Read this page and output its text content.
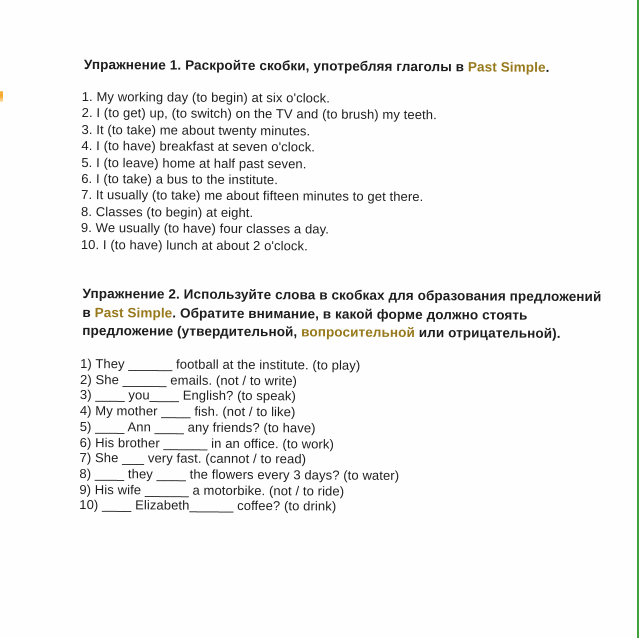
Упражнение 1. Раскройте скобки, употребляя глаголы в Past Simple.
1. My working day (to begin) at six o'clock.
2. I (to get) up, (to switch) on the TV and (to brush) my teeth.
3. It (to take) me about twenty minutes.
4. I (to have) breakfast at seven o'clock.
5. I (to leave) home at half past seven.
6. I (to take) a bus to the institute.
7. It usually (to take) me about fifteen minutes to get there.
8. Classes (to begin) at eight.
9. We usually (to have) four classes a day.
10. I (to have) lunch at about 2 o'clock.
Упражнение 2. Используйте слова в скобках для образования предложений
в Past Simple. Обратите внимание, в какой форме должно стоять
предложение (утвердительной, вопросительной или отрицательной).
1) They ______ football at the institute. (to play)
2) She ______ emails. (not / to write)
3) ____ you____ English? (to speak)
4) My mother ____ fish. (not / to like)
5) ____ Ann ____ any friends? (to have)
6) His brother ______ in an office. (to work)
7) She ___ very fast. (cannot / to read)
8) ____ they ____ the flowers every 3 days? (to water)
9) His wife ______ a motorbike. (not / to ride)
10) ____ Elizabeth______ coffee? (to drink)
